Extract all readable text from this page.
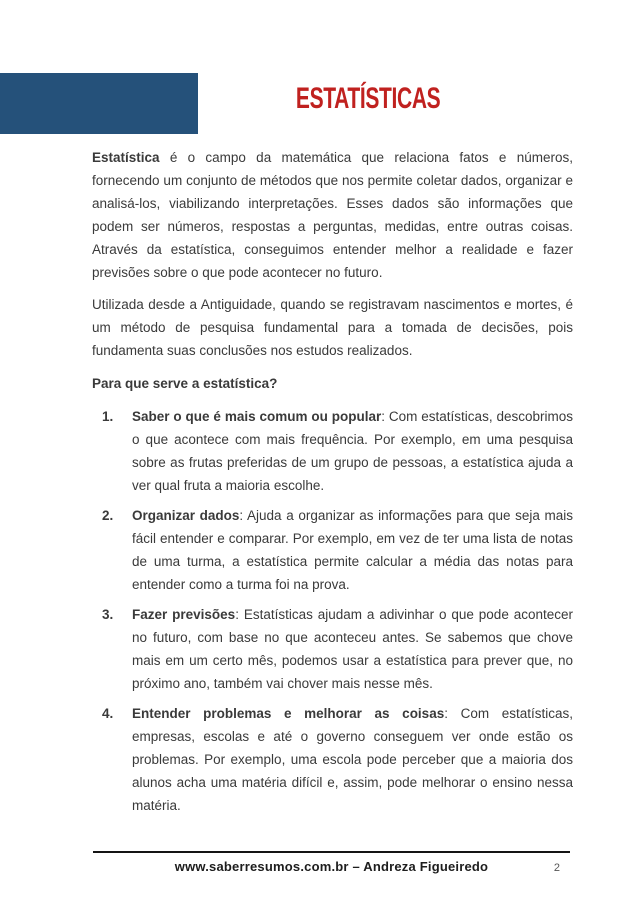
ESTATÍSTICAS

Estatística é o campo da matemática que relaciona fatos e números, fornecendo um conjunto de métodos que nos permite coletar dados, organizar e analisá-los, viabilizando interpretações. Esses dados são informações que podem ser números, respostas a perguntas, medidas, entre outras coisas. Através da estatística, conseguimos entender melhor a realidade e fazer previsões sobre o que pode acontecer no futuro.

Utilizada desde a Antiguidade, quando se registravam nascimentos e mortes, é um método de pesquisa fundamental para a tomada de decisões, pois fundamenta suas conclusões nos estudos realizados.

Para que serve a estatística?
1. Saber o que é mais comum ou popular: Com estatísticas, descobrimos o que acontece com mais frequência. Por exemplo, em uma pesquisa sobre as frutas preferidas de um grupo de pessoas, a estatística ajuda a ver qual fruta a maioria escolhe.
2. Organizar dados: Ajuda a organizar as informações para que seja mais fácil entender e comparar. Por exemplo, em vez de ter uma lista de notas de uma turma, a estatística permite calcular a média das notas para entender como a turma foi na prova.
3. Fazer previsões: Estatísticas ajudam a adivinhar o que pode acontecer no futuro, com base no que aconteceu antes. Se sabemos que chove mais em um certo mês, podemos usar a estatística para prever que, no próximo ano, também vai chover mais nesse mês.
4. Entender problemas e melhorar as coisas: Com estatísticas, empresas, escolas e até o governo conseguem ver onde estão os problemas. Por exemplo, uma escola pode perceber que a maioria dos alunos acha uma matéria difícil e, assim, pode melhorar o ensino nessa matéria.
www.saberresumos.com.br – Andreza Figueiredo	2
